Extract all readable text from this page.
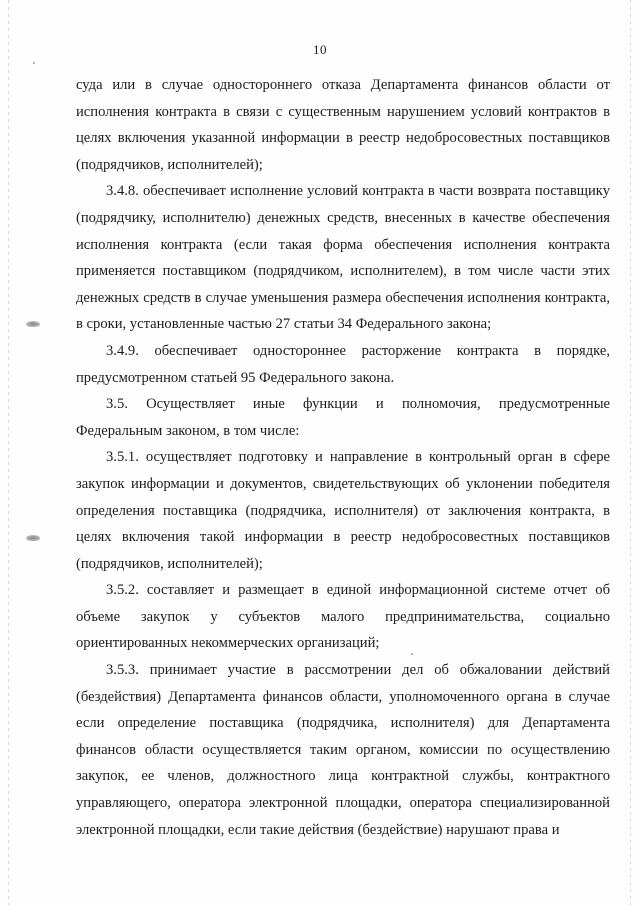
10

суда или в случае одностороннего отказа Департамента финансов области от исполнения контракта в связи с существенным нарушением условий контрактов в целях включения указанной информации в реестр недобросовестных поставщиков (подрядчиков, исполнителей);

3.4.8. обеспечивает исполнение условий контракта в части возврата поставщику (подрядчику, исполнителю) денежных средств, внесенных в качестве обеспечения исполнения контракта (если такая форма обеспечения исполнения контракта применяется поставщиком (подрядчиком, исполнителем), в том числе части этих денежных средств в случае уменьшения размера обеспечения исполнения контракта, в сроки, установленные частью 27 статьи 34 Федерального закона;

3.4.9. обеспечивает одностороннее расторжение контракта в порядке, предусмотренном статьей 95 Федерального закона.

3.5. Осуществляет иные функции и полномочия, предусмотренные Федеральным законом, в том числе:

3.5.1. осуществляет подготовку и направление в контрольный орган в сфере закупок информации и документов, свидетельствующих об уклонении победителя определения поставщика (подрядчика, исполнителя) от заключения контракта, в целях включения такой информации в реестр недобросовестных поставщиков (подрядчиков, исполнителей);

3.5.2. составляет и размещает в единой информационной системе отчет об объеме закупок у субъектов малого предпринимательства, социально ориентированных некоммерческих организаций;

3.5.3. принимает участие в рассмотрении дел об обжаловании действий (бездействия) Департамента финансов области, уполномоченного органа в случае если определение поставщика (подрядчика, исполнителя) для Департамента финансов области осуществляется таким органом, комиссии по осуществлению закупок, ее членов, должностного лица контрактной службы, контрактного управляющего, оператора электронной площадки, оператора специализированной электронной площадки, если такие действия (бездействие) нарушают права и
